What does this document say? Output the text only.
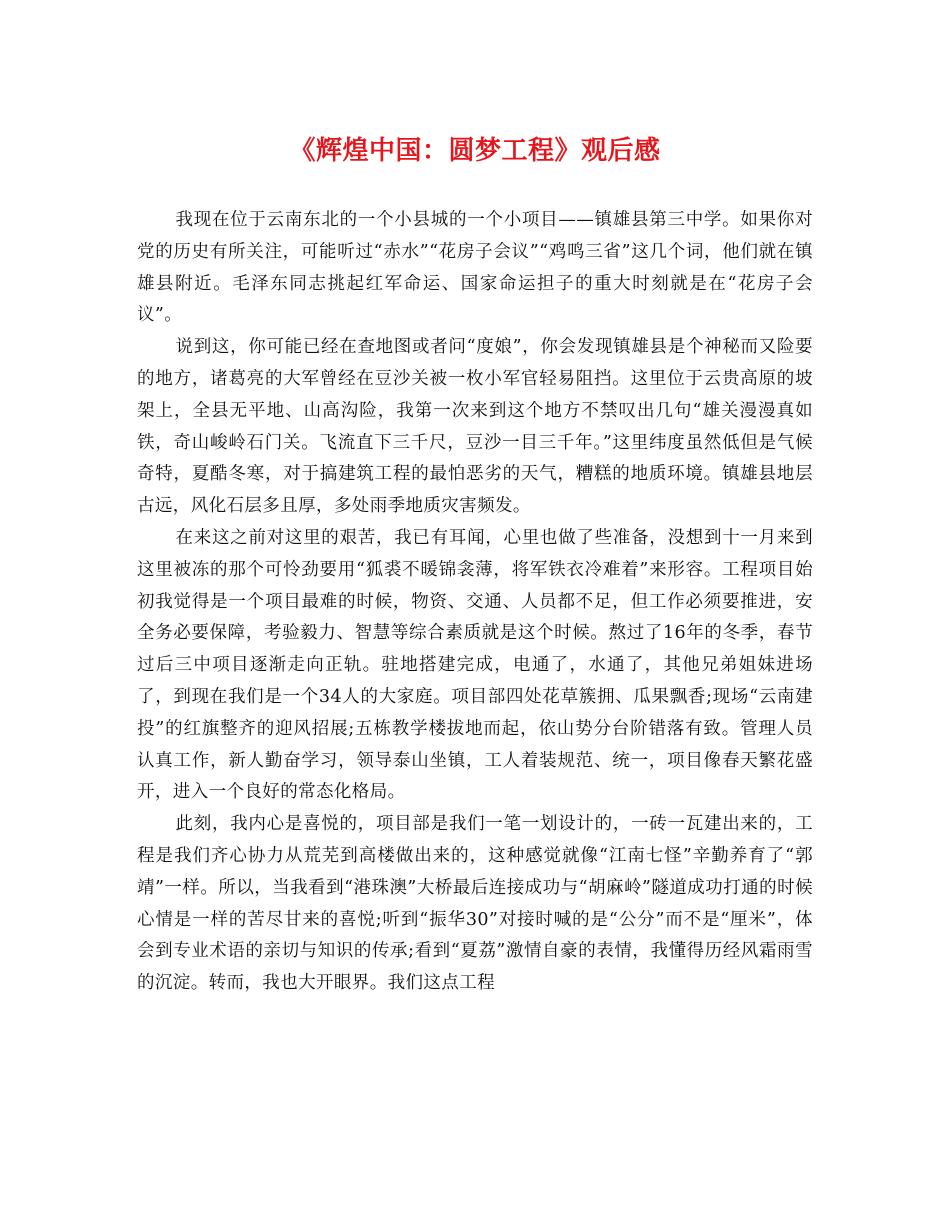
《辉煌中国：圆梦工程》观后感

我现在位于云南东北的一个小县城的一个小项目——镇雄县第三中学。如果你对党的历史有所关注，可能听过“赤水”“花房子会议”“鸡鸣三省”这几个词，他们就在镇雄县附近。毛泽东同志挑起红军命运、国家命运担子的重大时刻就是在“花房子会议”。

说到这，你可能已经在查地图或者问“度娘”，你会发现镇雄县是个神秘而又险要的地方，诸葛亮的大军曾经在豆沙关被一枚小军官轻易阻挡。这里位于云贵高原的坡架上，全县无平地、山高沟险，我第一次来到这个地方不禁叹出几句“雄关漫漫真如铁，奇山峻岭石门关。飞流直下三千尺，豆沙一目三千年。”这里纬度虽然低但是气候奇特，夏酷冬寒，对于搞建筑工程的最怕恶劣的天气，糟糕的地质环境。镇雄县地层古远，风化石层多且厚，多处雨季地质灾害频发。

在来这之前对这里的艰苦，我已有耳闻，心里也做了些准备，没想到十一月来到这里被冻的那个可怜劲要用“狐裘不暖锦衾薄，将军铁衣冷难着”来形容。工程项目始初我觉得是一个项目最难的时候，物资、交通、人员都不足，但工作必须要推进，安全务必要保障，考验毅力、智慧等综合素质就是这个时候。熬过了16年的冬季，春节过后三中项目逐渐走向正轨。驻地搭建完成，电通了，水通了，其他兄弟姐妹进场了，到现在我们是一个34人的大家庭。项目部四处花草簇拥、瓜果飘香;现场“云南建投”的红旗整齐的迎风招展;五栋教学楼拔地而起，依山势分台阶错落有致。管理人员认真工作，新人勤奋学习，领导泰山坐镇，工人着装规范、统一，项目像春天繁花盛开，进入一个良好的常态化格局。

此刻，我内心是喜悦的，项目部是我们一笔一划设计的，一砖一瓦建出来的，工程是我们齐心协力从荒芜到高楼做出来的，这种感觉就像“江南七怪”辛勤养育了“郭靖”一样。所以，当我看到“港珠澳”大桥最后连接成功与“胡麻岭”隧道成功打通的时候心情是一样的苦尽甘来的喜悦;听到“振华30”对接时喊的是“公分”而不是“厘米”，体会到专业术语的亲切与知识的传承;看到“夏荔”激情自豪的表情，我懂得历经风霜雨雪的沉淀。转而，我也大开眼界。我们这点工程
